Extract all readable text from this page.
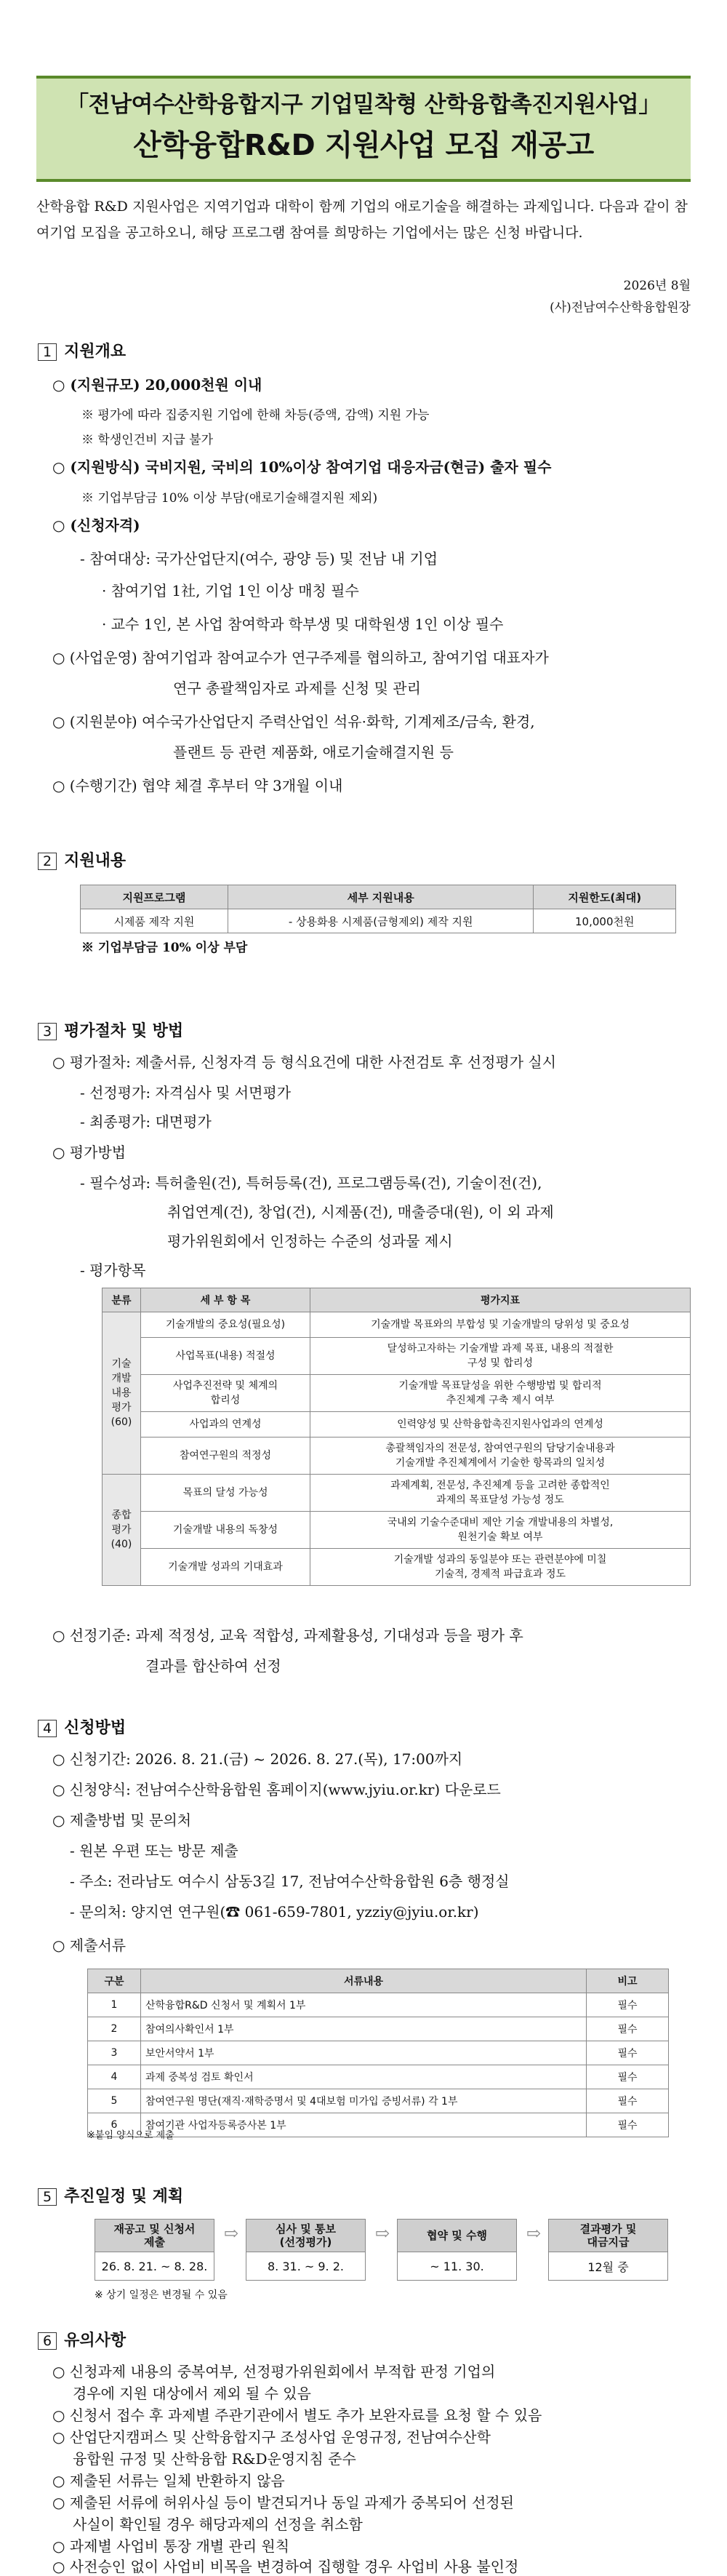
「전남여수산학융합지구 기업밀착형 산학융합촉진지원사업」
산학융합R&D 지원사업 모집 재공고
산학융합 R&D 지원사업은 지역기업과 대학이 함께 기업의 애로기술을 해결하는 과제입니다. 다음과 같이 참여기업 모집을 공고하오니, 해당 프로그램 참여를 희망하는 기업에서는 많은 신청 바랍니다.
2026년 8월
(사)전남여수산학융합원장
1 지원개요
○ (지원규모) 20,000천원 이내
※ 평가에 따라 집중지원 기업에 한해 차등(증액, 감액) 지원 가능
※ 학생인건비 지급 불가
○ (지원방식) 국비지원, 국비의 10%이상 참여기업 대응자금(현금) 출자 필수
※ 기업부담금 10% 이상 부담(애로기술해결지원 제외)
○ (신청자격)
- 참여대상: 국가산업단지(여수, 광양 등) 및 전남 내 기업
· 참여기업 1社, 기업 1인 이상 매칭 필수
· 교수 1인, 본 사업 참여학과 학부생 및 대학원생 1인 이상 필수
○ (사업운영) 참여기업과 참여교수가 연구주제를 협의하고, 참여기업 대표자가
연구 총괄책임자로 과제를 신청 및 관리
○ (지원분야) 여수국가산업단지 주력산업인 석유·화학, 기계제조/금속, 환경,
플랜트 등 관련 제품화, 애로기술해결지원 등
○ (수행기간) 협약 체결 후부터 약 3개월 이내
2 지원내용
지원프로그램	세부 지원내용	지원한도(최대)
시제품 제작 지원	- 상용화용 시제품(금형제외) 제작 지원	10,000천원
※ 기업부담금 10% 이상 부담
3 평가절차 및 방법
○ 평가절차: 제출서류, 신청자격 등 형식요건에 대한 사전검토 후 선정평가 실시
- 선정평가: 자격심사 및 서면평가
- 최종평가: 대면평가
○ 평가방법
- 필수성과: 특허출원(건), 특허등록(건), 프로그램등록(건), 기술이전(건),
취업연계(건), 창업(건), 시제품(건), 매출증대(원), 이 외 과제
평가위원회에서 인정하는 수준의 성과물 제시
- 평가항목
분류	세 부 항 목	평가지표
기술
개발
내용
평가
(60)	기술개발의 중요성(필요성)	기술개발 목표와의 부합성 및 기술개발의 당위성 및 중요성
	사업목표(내용) 적절성	달성하고자하는 기술개발 과제 목표, 내용의 적절한
구성 및 합리성
	사업추진전략 및 체계의
합리성	기술개발 목표달성을 위한 수행방법 및 합리적
추진체계 구축 제시 여부
	사업과의 연계성	인력양성 및 산학융합촉진지원사업과의 연계성
	참여연구원의 적정성	총괄책임자의 전문성, 참여연구원의 담당기술내용과
기술개발 추진체계에서 기술한 항목과의 일치성
종합
평가
(40)	목표의 달성 가능성	과제계획, 전문성, 추진체계 등을 고려한 종합적인
과제의 목표달성 가능성 정도
	기술개발 내용의 독창성	국내외 기술수준대비 제안 기술 개발내용의 차별성,
원천기술 확보 여부
	기술개발 성과의 기대효과	기술개발 성과의 동일분야 또는 관련분야에 미칠
기술적, 경제적 파급효과 정도
○ 선정기준: 과제 적정성, 교육 적합성, 과제활용성, 기대성과 등을 평가 후
결과를 합산하여 선정
4 신청방법
○ 신청기간: 2026. 8. 21.(금) ~ 2026. 8. 27.(목), 17:00까지
○ 신청양식: 전남여수산학융합원 홈페이지(www.jyiu.or.kr) 다운로드
○ 제출방법 및 문의처
- 원본 우편 또는 방문 제출
- 주소: 전라남도 여수시 삼동3길 17, 전남여수산학융합원 6층 행정실
- 문의처: 양지연 연구원(☎ 061-659-7801, yzziy@jyiu.or.kr)
○ 제출서류
구분	서류내용	비고
1	산학융합R&D 신청서 및 계획서 1부	필수
2	참여의사확인서 1부	필수
3	보안서약서 1부	필수
4	과제 중복성 검토 확인서	필수
5	참여연구원 명단(재직·재학증명서 및 4대보험 미가입 증빙서류) 각 1부	필수
6	참여기관 사업자등록증사본 1부	필수
※붙임 양식으로 제출
5 추진일정 및 계획
재공고 및 신청서
제출
26. 8. 21. ~ 8. 28.
⇨	심사 및 통보
(선정평가)
8. 31. ~ 9. 2.
⇨	협약 및 수행
~ 11. 30.
⇨	결과평가 및
대금지급
12월 중
※ 상기 일정은 변경될 수 있음
6 유의사항
○ 신청과제 내용의 중복여부, 선정평가위원회에서 부적합 판정 기업의
경우에 지원 대상에서 제외 될 수 있음
○ 신청서 접수 후 과제별 주관기관에서 별도 추가 보완자료를 요청 할 수 있음
○ 산업단지캠퍼스 및 산학융합지구 조성사업 운영규정, 전남여수산학
융합원 규정 및 산학융합 R&D운영지침 준수
○ 제출된 서류는 일체 반환하지 않음
○ 제출된 서류에 허위사실 등이 발견되거나 동일 과제가 중복되어 선정된
사실이 확인될 경우 해당과제의 선정을 취소함
○ 과제별 사업비 통장 개별 관리 원칙
○ 사전승인 없이 사업비 비목을 변경하여 집행할 경우 사업비 사용 불인정
